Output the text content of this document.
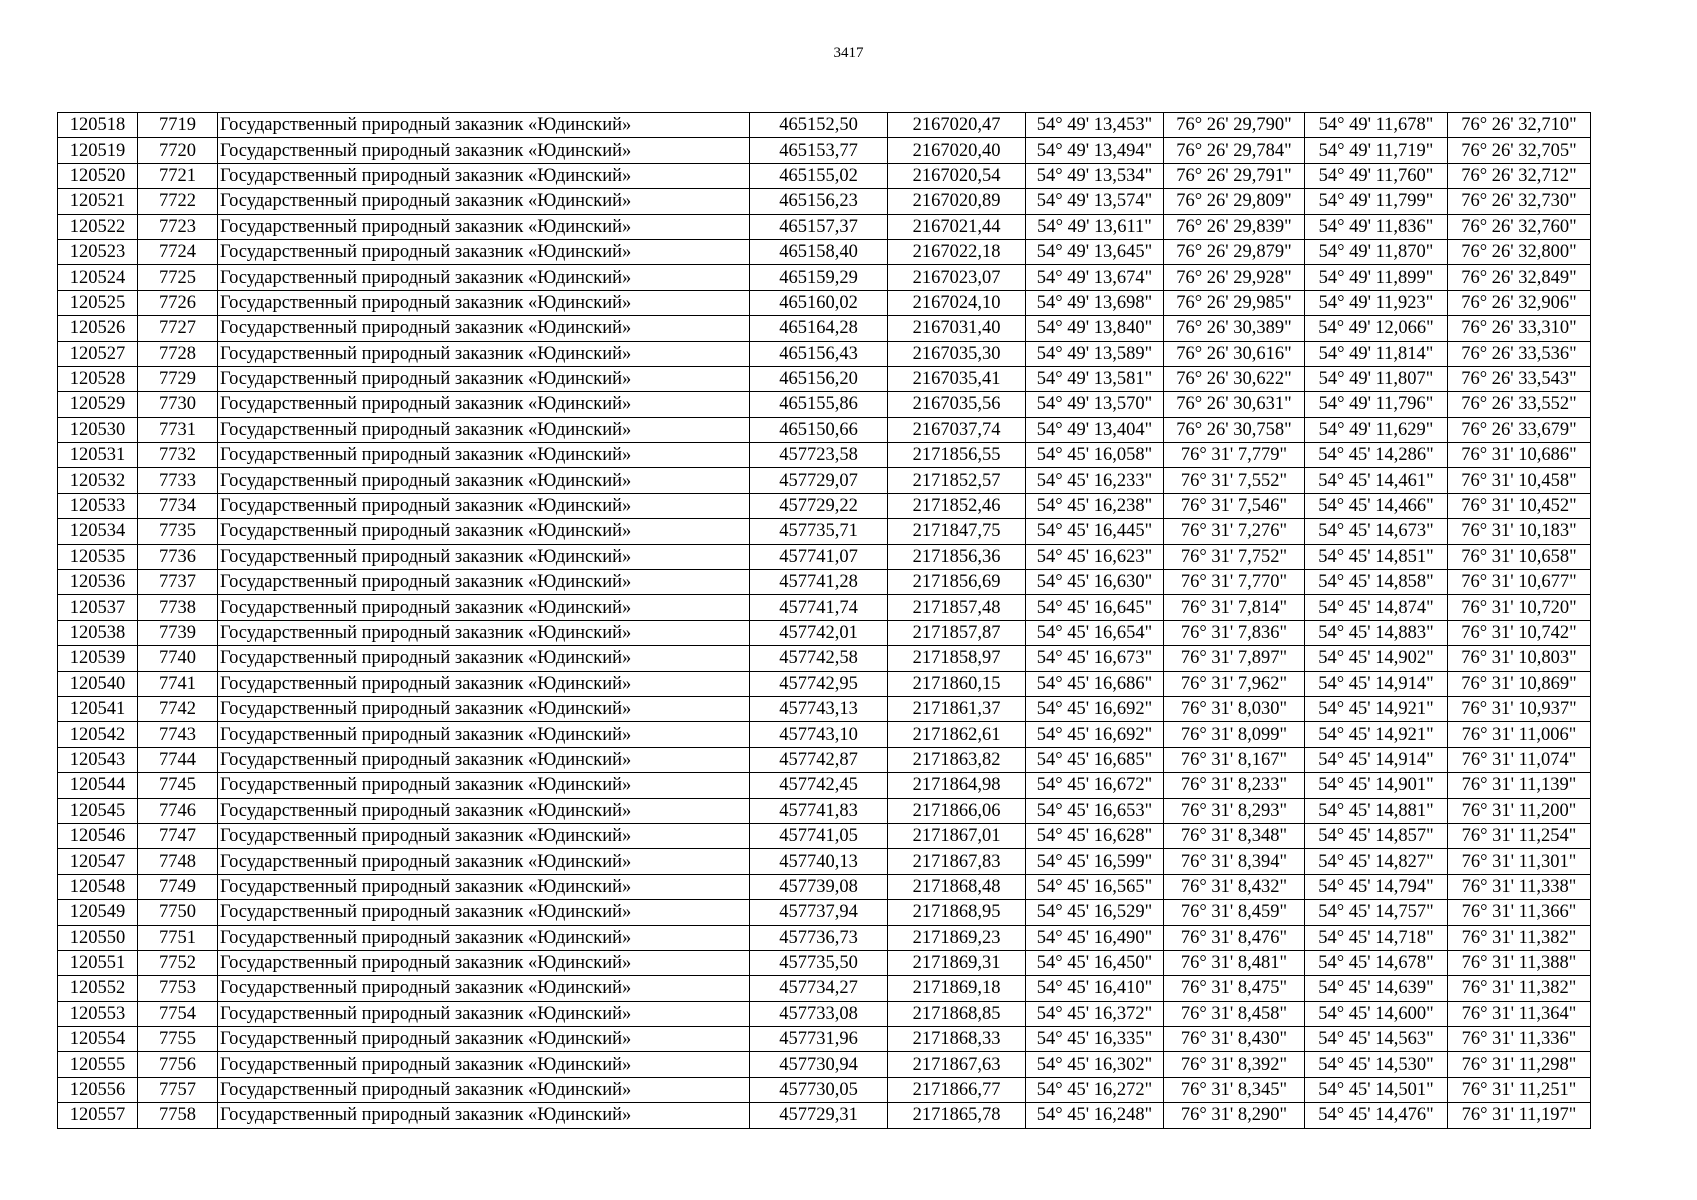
3417
120518	7719	Государственный природный заказник «Юдинский»	465152,50	2167020,47	54° 49' 13,453"	76° 26' 29,790"	54° 49' 11,678"	76° 26' 32,710"
120519	7720	Государственный природный заказник «Юдинский»	465153,77	2167020,40	54° 49' 13,494"	76° 26' 29,784"	54° 49' 11,719"	76° 26' 32,705"
120520	7721	Государственный природный заказник «Юдинский»	465155,02	2167020,54	54° 49' 13,534"	76° 26' 29,791"	54° 49' 11,760"	76° 26' 32,712"
120521	7722	Государственный природный заказник «Юдинский»	465156,23	2167020,89	54° 49' 13,574"	76° 26' 29,809"	54° 49' 11,799"	76° 26' 32,730"
120522	7723	Государственный природный заказник «Юдинский»	465157,37	2167021,44	54° 49' 13,611"	76° 26' 29,839"	54° 49' 11,836"	76° 26' 32,760"
120523	7724	Государственный природный заказник «Юдинский»	465158,40	2167022,18	54° 49' 13,645"	76° 26' 29,879"	54° 49' 11,870"	76° 26' 32,800"
120524	7725	Государственный природный заказник «Юдинский»	465159,29	2167023,07	54° 49' 13,674"	76° 26' 29,928"	54° 49' 11,899"	76° 26' 32,849"
120525	7726	Государственный природный заказник «Юдинский»	465160,02	2167024,10	54° 49' 13,698"	76° 26' 29,985"	54° 49' 11,923"	76° 26' 32,906"
120526	7727	Государственный природный заказник «Юдинский»	465164,28	2167031,40	54° 49' 13,840"	76° 26' 30,389"	54° 49' 12,066"	76° 26' 33,310"
120527	7728	Государственный природный заказник «Юдинский»	465156,43	2167035,30	54° 49' 13,589"	76° 26' 30,616"	54° 49' 11,814"	76° 26' 33,536"
120528	7729	Государственный природный заказник «Юдинский»	465156,20	2167035,41	54° 49' 13,581"	76° 26' 30,622"	54° 49' 11,807"	76° 26' 33,543"
120529	7730	Государственный природный заказник «Юдинский»	465155,86	2167035,56	54° 49' 13,570"	76° 26' 30,631"	54° 49' 11,796"	76° 26' 33,552"
120530	7731	Государственный природный заказник «Юдинский»	465150,66	2167037,74	54° 49' 13,404"	76° 26' 30,758"	54° 49' 11,629"	76° 26' 33,679"
120531	7732	Государственный природный заказник «Юдинский»	457723,58	2171856,55	54° 45' 16,058"	76° 31' 7,779"	54° 45' 14,286"	76° 31' 10,686"
120532	7733	Государственный природный заказник «Юдинский»	457729,07	2171852,57	54° 45' 16,233"	76° 31' 7,552"	54° 45' 14,461"	76° 31' 10,458"
120533	7734	Государственный природный заказник «Юдинский»	457729,22	2171852,46	54° 45' 16,238"	76° 31' 7,546"	54° 45' 14,466"	76° 31' 10,452"
120534	7735	Государственный природный заказник «Юдинский»	457735,71	2171847,75	54° 45' 16,445"	76° 31' 7,276"	54° 45' 14,673"	76° 31' 10,183"
120535	7736	Государственный природный заказник «Юдинский»	457741,07	2171856,36	54° 45' 16,623"	76° 31' 7,752"	54° 45' 14,851"	76° 31' 10,658"
120536	7737	Государственный природный заказник «Юдинский»	457741,28	2171856,69	54° 45' 16,630"	76° 31' 7,770"	54° 45' 14,858"	76° 31' 10,677"
120537	7738	Государственный природный заказник «Юдинский»	457741,74	2171857,48	54° 45' 16,645"	76° 31' 7,814"	54° 45' 14,874"	76° 31' 10,720"
120538	7739	Государственный природный заказник «Юдинский»	457742,01	2171857,87	54° 45' 16,654"	76° 31' 7,836"	54° 45' 14,883"	76° 31' 10,742"
120539	7740	Государственный природный заказник «Юдинский»	457742,58	2171858,97	54° 45' 16,673"	76° 31' 7,897"	54° 45' 14,902"	76° 31' 10,803"
120540	7741	Государственный природный заказник «Юдинский»	457742,95	2171860,15	54° 45' 16,686"	76° 31' 7,962"	54° 45' 14,914"	76° 31' 10,869"
120541	7742	Государственный природный заказник «Юдинский»	457743,13	2171861,37	54° 45' 16,692"	76° 31' 8,030"	54° 45' 14,921"	76° 31' 10,937"
120542	7743	Государственный природный заказник «Юдинский»	457743,10	2171862,61	54° 45' 16,692"	76° 31' 8,099"	54° 45' 14,921"	76° 31' 11,006"
120543	7744	Государственный природный заказник «Юдинский»	457742,87	2171863,82	54° 45' 16,685"	76° 31' 8,167"	54° 45' 14,914"	76° 31' 11,074"
120544	7745	Государственный природный заказник «Юдинский»	457742,45	2171864,98	54° 45' 16,672"	76° 31' 8,233"	54° 45' 14,901"	76° 31' 11,139"
120545	7746	Государственный природный заказник «Юдинский»	457741,83	2171866,06	54° 45' 16,653"	76° 31' 8,293"	54° 45' 14,881"	76° 31' 11,200"
120546	7747	Государственный природный заказник «Юдинский»	457741,05	2171867,01	54° 45' 16,628"	76° 31' 8,348"	54° 45' 14,857"	76° 31' 11,254"
120547	7748	Государственный природный заказник «Юдинский»	457740,13	2171867,83	54° 45' 16,599"	76° 31' 8,394"	54° 45' 14,827"	76° 31' 11,301"
120548	7749	Государственный природный заказник «Юдинский»	457739,08	2171868,48	54° 45' 16,565"	76° 31' 8,432"	54° 45' 14,794"	76° 31' 11,338"
120549	7750	Государственный природный заказник «Юдинский»	457737,94	2171868,95	54° 45' 16,529"	76° 31' 8,459"	54° 45' 14,757"	76° 31' 11,366"
120550	7751	Государственный природный заказник «Юдинский»	457736,73	2171869,23	54° 45' 16,490"	76° 31' 8,476"	54° 45' 14,718"	76° 31' 11,382"
120551	7752	Государственный природный заказник «Юдинский»	457735,50	2171869,31	54° 45' 16,450"	76° 31' 8,481"	54° 45' 14,678"	76° 31' 11,388"
120552	7753	Государственный природный заказник «Юдинский»	457734,27	2171869,18	54° 45' 16,410"	76° 31' 8,475"	54° 45' 14,639"	76° 31' 11,382"
120553	7754	Государственный природный заказник «Юдинский»	457733,08	2171868,85	54° 45' 16,372"	76° 31' 8,458"	54° 45' 14,600"	76° 31' 11,364"
120554	7755	Государственный природный заказник «Юдинский»	457731,96	2171868,33	54° 45' 16,335"	76° 31' 8,430"	54° 45' 14,563"	76° 31' 11,336"
120555	7756	Государственный природный заказник «Юдинский»	457730,94	2171867,63	54° 45' 16,302"	76° 31' 8,392"	54° 45' 14,530"	76° 31' 11,298"
120556	7757	Государственный природный заказник «Юдинский»	457730,05	2171866,77	54° 45' 16,272"	76° 31' 8,345"	54° 45' 14,501"	76° 31' 11,251"
120557	7758	Государственный природный заказник «Юдинский»	457729,31	2171865,78	54° 45' 16,248"	76° 31' 8,290"	54° 45' 14,476"	76° 31' 11,197"
